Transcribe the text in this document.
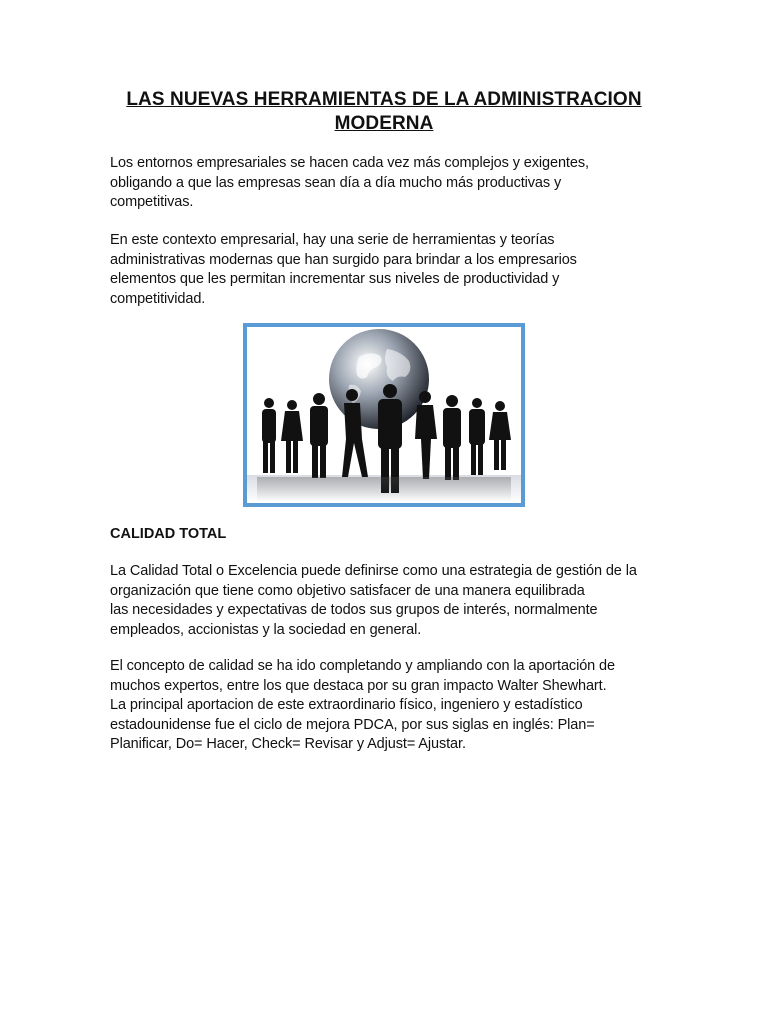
LAS NUEVAS HERRAMIENTAS DE LA ADMINISTRACION
MODERNA
Los entornos empresariales se hacen cada vez más complejos y exigentes,
obligando a que las empresas sean día a día mucho más productivas y
competitivas.
En este contexto empresarial, hay una serie de herramientas y teorías
administrativas modernas que han surgido para brindar a los empresarios
elementos que les permitan incrementar sus niveles de productividad y
competitividad.
CALIDAD TOTAL
La Calidad Total o Excelencia puede definirse como una estrategia de gestión de la
organización que tiene como objetivo satisfacer de una manera equilibrada
las necesidades y expectativas de todos sus grupos de interés, normalmente
empleados, accionistas y la sociedad en general.
El concepto de calidad se ha ido completando y ampliando con la aportación de
muchos expertos, entre los que destaca por su gran impacto Walter Shewhart.
La principal aportacion de este extraordinario físico, ingeniero y estadístico
estadounidense fue el ciclo de mejora PDCA, por sus siglas en inglés: Plan=
Planificar, Do= Hacer, Check= Revisar y Adjust= Ajustar.
